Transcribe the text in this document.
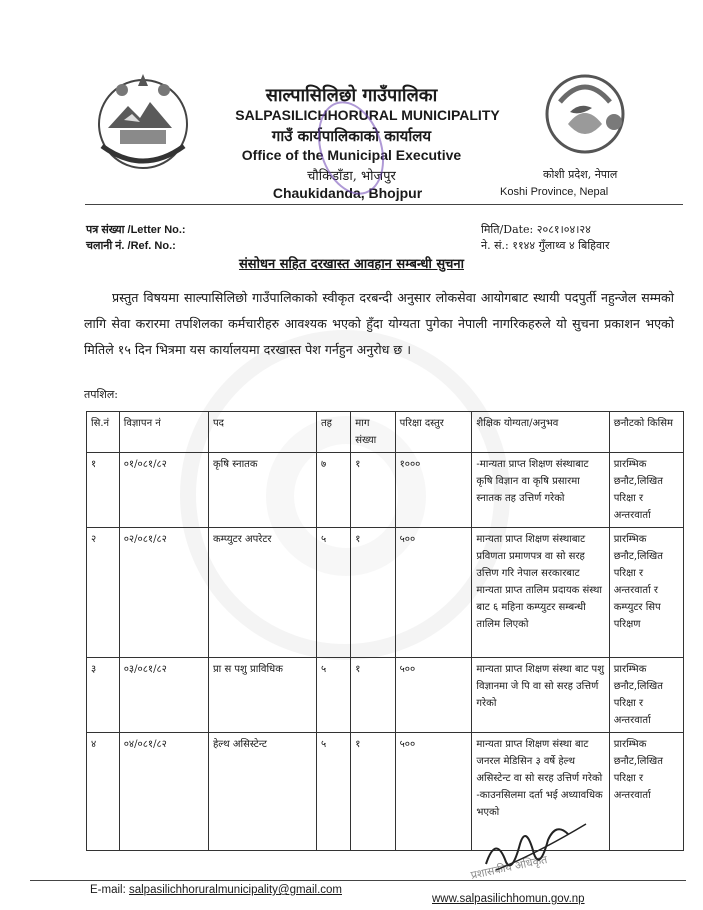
साल्पासिलिछो गाउँपालिका
SALPASILICHHORURAL MUNICIPALITY
गाउँ कार्यपालिकाको कार्यालय
Office of the Municipal Executive
चौकिडाँडा, भोजपुर
Chaukidanda, Bhojpur
कोशी प्रदेश, नेपाल
Koshi Province, Nepal
पत्र संख्या /Letter No.:
चलानी नं. /Ref. No.:
मिति/Date: २०८१।०४।२४
ने. सं.: ११४४ गुँलाथ्व ४ बिहिवार
संसोधन सहित दरखास्त आवहान सम्बन्धी सुचना
प्रस्तुत विषयमा साल्पासिलिछो गाउँपालिकाको स्वीकृत दरबन्दी अनुसार लोकसेवा आयोगबाट स्थायी पदपुर्ती नहुन्जेल सम्मको लागि सेवा करारमा तपशिलका कर्मचारीहरु आवश्यक भएको हुँदा योग्यता पुगेका नेपाली नागरिकहरुले यो सुचना प्रकाशन भएको मितिले १५ दिन भित्रमा यस कार्यालयमा दरखास्त पेश गर्नहुन अनुरोध छ ।
तपशिल:
सि.नं	विज्ञापन नं	पद	तह	माग संख्या	परिक्षा दस्तुर	शैक्षिक योग्यता/अनुभव	छनौटको किसिम
१	०१/०८१/८२	कृषि स्नातक	७	१	१०००	-मान्यता प्राप्त शिक्षण संस्थाबाट कृषि विज्ञान वा कृषि प्रसारमा स्नातक तह उत्तिर्ण गरेको	प्रारम्भिक छनौट,लिखित परिक्षा र अन्तरवार्ता
२	०२/०८१/८२	कम्प्युटर अपरेटर	५	१	५००	मान्यता प्राप्त शिक्षण संस्थाबाट प्रविणता प्रमाणपत्र वा सो सरह उत्तिण गरि नेपाल सरकारबाट मान्यता प्राप्त तालिम प्रदायक संस्था बाट ६ महिना कम्प्युटर सम्बन्धी तालिम लिएको	प्रारम्भिक छनौट,लिखित परिक्षा र अन्तरवार्ता र कम्प्युटर सिप परिक्षण
३	०३/०८१/८२	प्रा स पशु प्राविधिक	५	१	५००	मान्यता प्राप्त शिक्षण संस्था बाट पशु विज्ञानमा जे पि वा सो सरह उत्तिर्ण गरेको	प्रारम्भिक छनौट,लिखित परिक्षा र अन्तरवार्ता
४	०४/०८१/८२	हेल्थ असिस्टेन्ट	५	१	५००	मान्यता प्राप्त शिक्षण संस्था बाट जनरल मेडिसिन ३ वर्षे हेल्थ असिस्टेन्ट वा सो सरह उत्तिर्ण गरेको -काउनसिलमा दर्ता भई अध्यावधिक भएको	प्रारम्भिक छनौट,लिखित परिक्षा र अन्तरवार्ता
प्रशासकीय अधिकृत
E-mail: salpasilichhoruralmunicipality@gmail.com
www.salpasilichhomun.gov.np
